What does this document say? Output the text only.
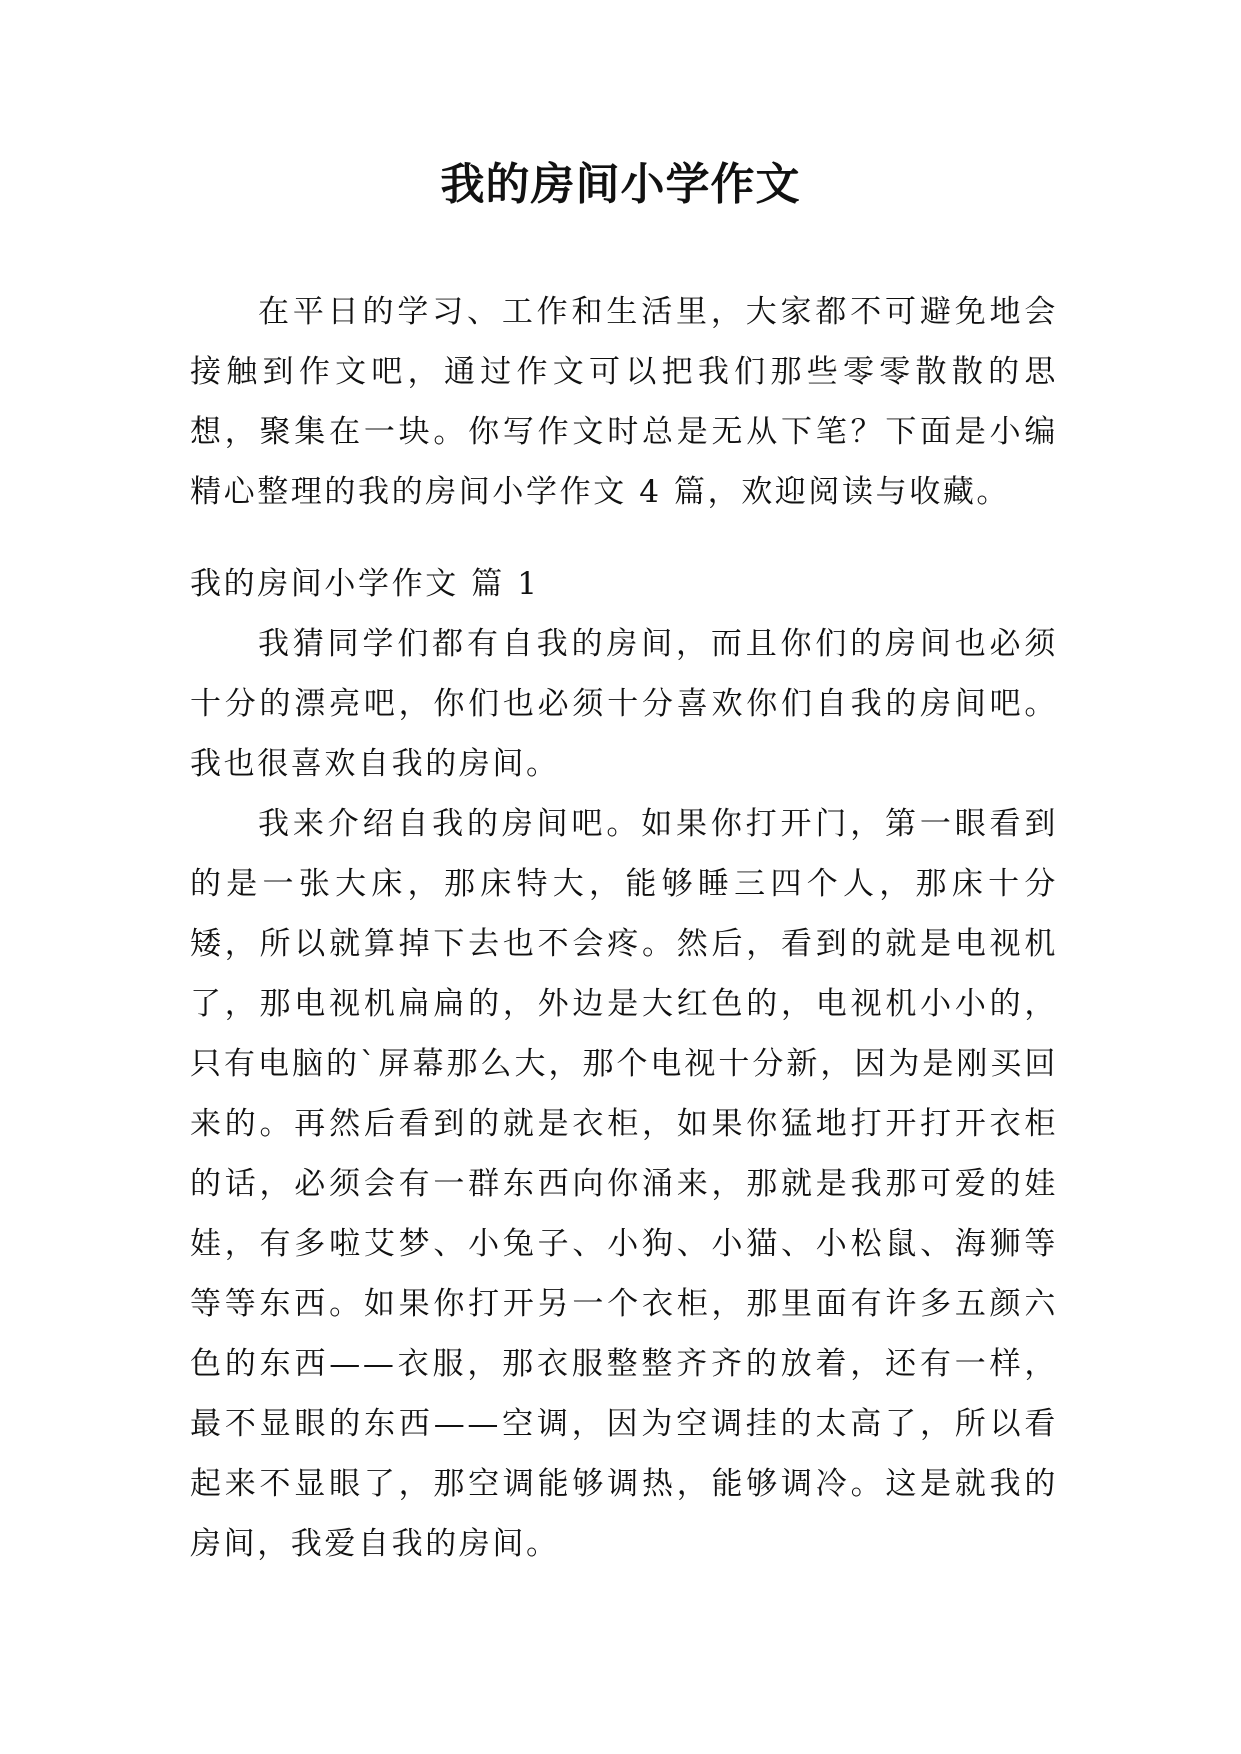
我的房间小学作文

在平日的学习、工作和生活里，大家都不可避免地会接触到作文吧，通过作文可以把我们那些零零散散的思想，聚集在一块。你写作文时总是无从下笔？下面是小编精心整理的我的房间小学作文 4 篇，欢迎阅读与收藏。

我的房间小学作文 篇 1

我猜同学们都有自我的房间，而且你们的房间也必须十分的漂亮吧，你们也必须十分喜欢你们自我的房间吧。我也很喜欢自我的房间。

我来介绍自我的房间吧。如果你打开门，第一眼看到的是一张大床，那床特大，能够睡三四个人，那床十分矮，所以就算掉下去也不会疼。然后，看到的就是电视机了，那电视机扁扁的，外边是大红色的，电视机小小的，只有电脑的`屏幕那么大，那个电视十分新，因为是刚买回来的。再然后看到的就是衣柜，如果你猛地打开打开衣柜的话，必须会有一群东西向你涌来，那就是我那可爱的娃娃，有多啦艾梦、小兔子、小狗、小猫、小松鼠、海狮等等等东西。如果你打开另一个衣柜，那里面有许多五颜六色的东西——衣服，那衣服整整齐齐的放着，还有一样，最不显眼的东西——空调，因为空调挂的太高了，所以看起来不显眼了，那空调能够调热，能够调冷。这是就我的房间，我爱自我的房间。
